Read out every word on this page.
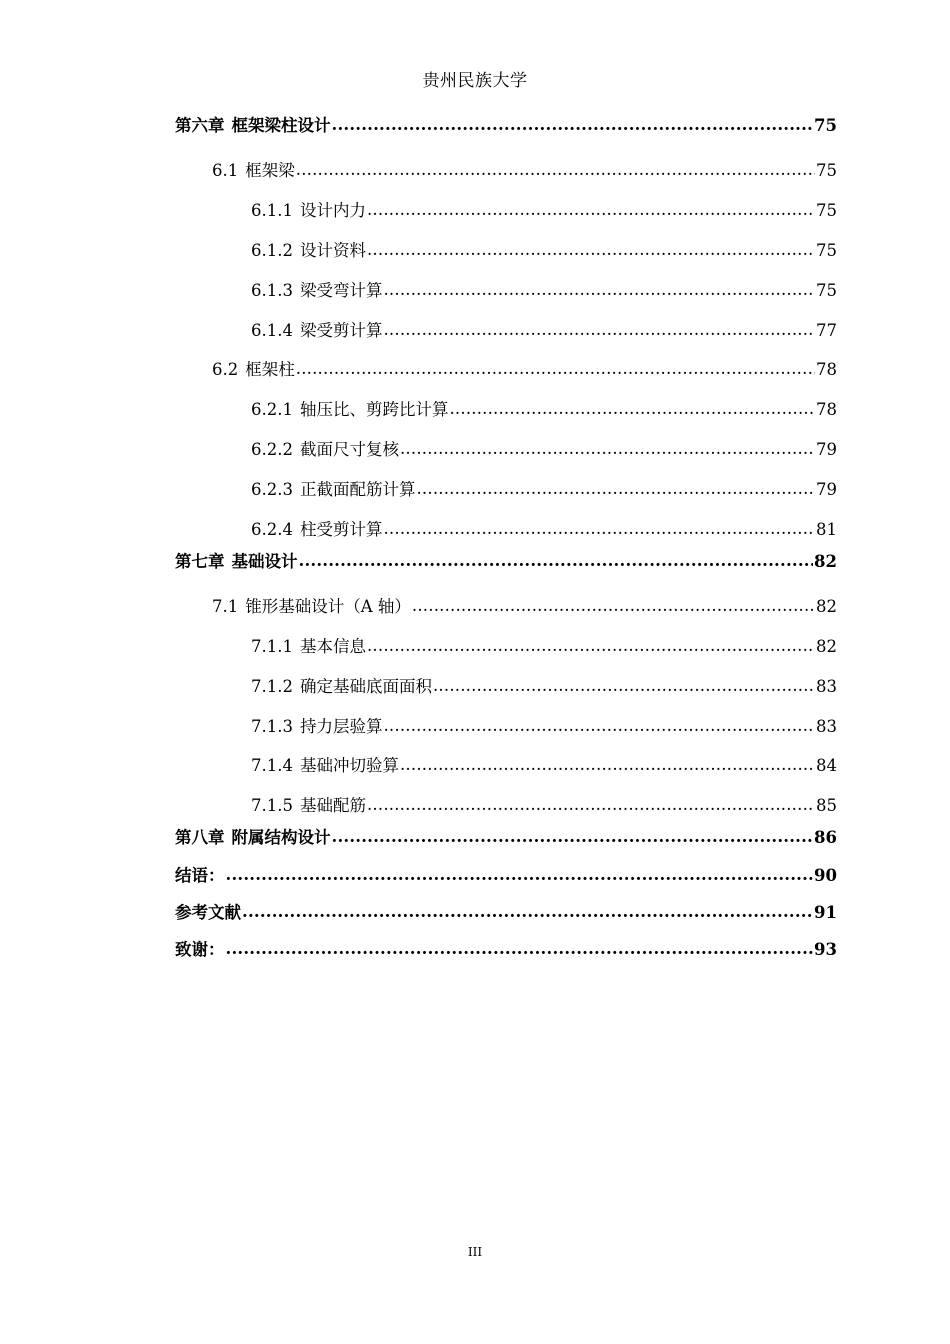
贵州民族大学
第六章 框架梁柱设计 .....	75
6.1 框架梁 .....	75
6.1.1 设计内力 .....	75
6.1.2 设计资料 .....	75
6.1.3 梁受弯计算 .....	75
6.1.4 梁受剪计算 .....	77
6.2 框架柱 .....	78
6.2.1 轴压比、剪跨比计算 .....	78
6.2.2 截面尺寸复核 .....	79
6.2.3 正截面配筋计算 .....	79
6.2.4 柱受剪计算 .....	81
第七章 基础设计 .....	82
7.1 锥形基础设计（A 轴） .....	82
7.1.1 基本信息 .....	82
7.1.2 确定基础底面面积 .....	83
7.1.3 持力层验算 .....	83
7.1.4 基础冲切验算 .....	84
7.1.5 基础配筋 .....	85
第八章 附属结构设计 .....	86
结语： .....	90
参考文献 .....	91
致谢： .....	93
III
